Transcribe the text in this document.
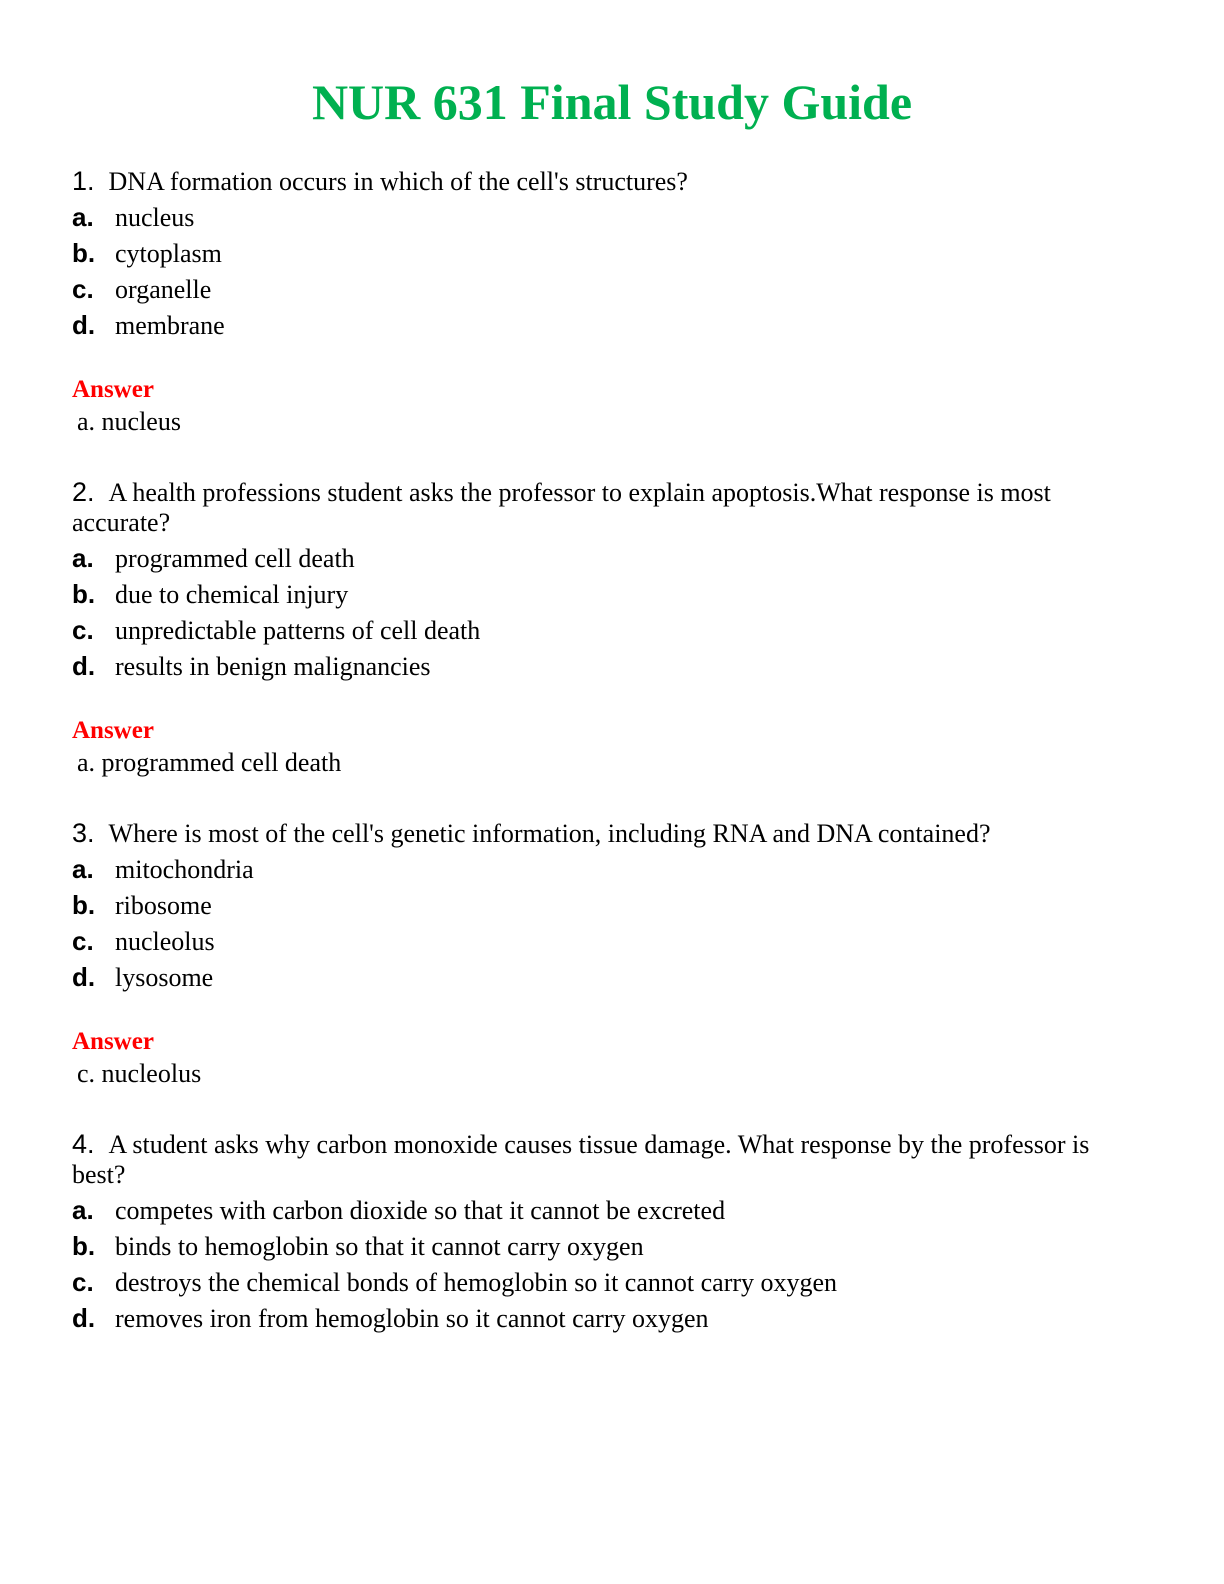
NUR 631 Final Study Guide
1. DNA formation occurs in which of the cell's structures?
a. nucleus
b. cytoplasm
c. organelle
d. membrane
Answer
a. nucleus
2. A health professions student asks the professor to explain apoptosis.What response is most accurate?
a. programmed cell death
b. due to chemical injury
c. unpredictable patterns of cell death
d. results in benign malignancies
Answer
a. programmed cell death
3. Where is most of the cell's genetic information, including RNA and DNA contained?
a. mitochondria
b. ribosome
c. nucleolus
d. lysosome
Answer
c. nucleolus
4. A student asks why carbon monoxide causes tissue damage. What response by the professor is best?
a. competes with carbon dioxide so that it cannot be excreted
b. binds to hemoglobin so that it cannot carry oxygen
c. destroys the chemical bonds of hemoglobin so it cannot carry oxygen
d. removes iron from hemoglobin so it cannot carry oxygen
